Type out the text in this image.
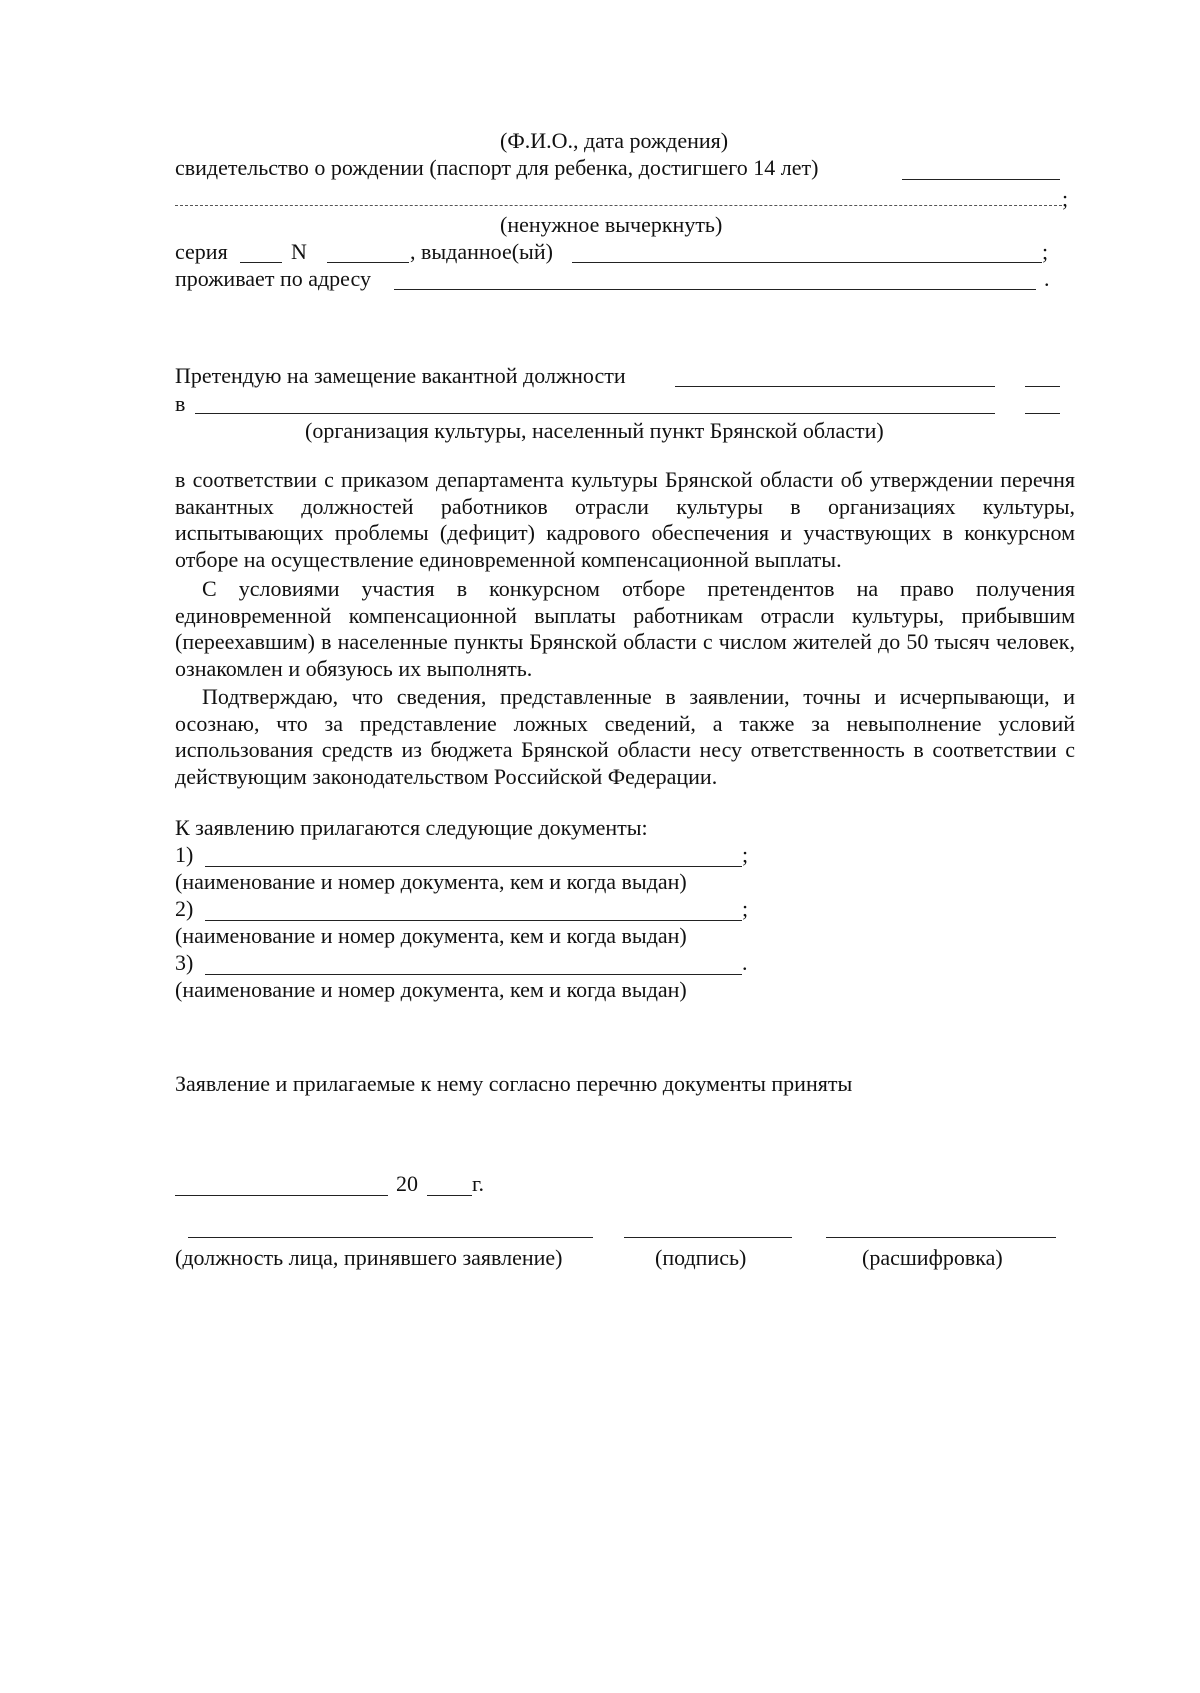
(Ф.И.О., дата рождения)
свидетельство о рождении (паспорт для ребенка, достигшего 14 лет)
;
(ненужное вычеркнуть)
серия	N	, выданное(ый)	;
проживает по адресу	.
Претендую на замещение вакантной должности
в
(организация культуры, населенный пункт Брянской области)
в соответствии с приказом департамента культуры Брянской области об утверждении перечня вакантных должностей работников отрасли культуры в организациях культуры, испытывающих проблемы (дефицит) кадрового обеспечения и участвующих в конкурсном отборе на осуществление единовременной компенсационной выплаты.
С условиями участия в конкурсном отборе претендентов на право получения единовременной компенсационной выплаты работникам отрасли культуры, прибывшим (переехавшим) в населенные пункты Брянской области с числом жителей до 50 тысяч человек, ознакомлен и обязуюсь их выполнять.
Подтверждаю, что сведения, представленные в заявлении, точны и исчерпывающи, и осознаю, что за представление ложных сведений, а также за невыполнение условий использования средств из бюджета Брянской области несу ответственность в соответствии с действующим законодательством Российской Федерации.
К заявлению прилагаются следующие документы:
1)	;
(наименование и номер документа, кем и когда выдан)
2)	;
(наименование и номер документа, кем и когда выдан)
3)	.
(наименование и номер документа, кем и когда выдан)
Заявление и прилагаемые к нему согласно перечню документы приняты
20 г.
(должность лица, принявшего заявление)	(подпись)	(расшифровка)
